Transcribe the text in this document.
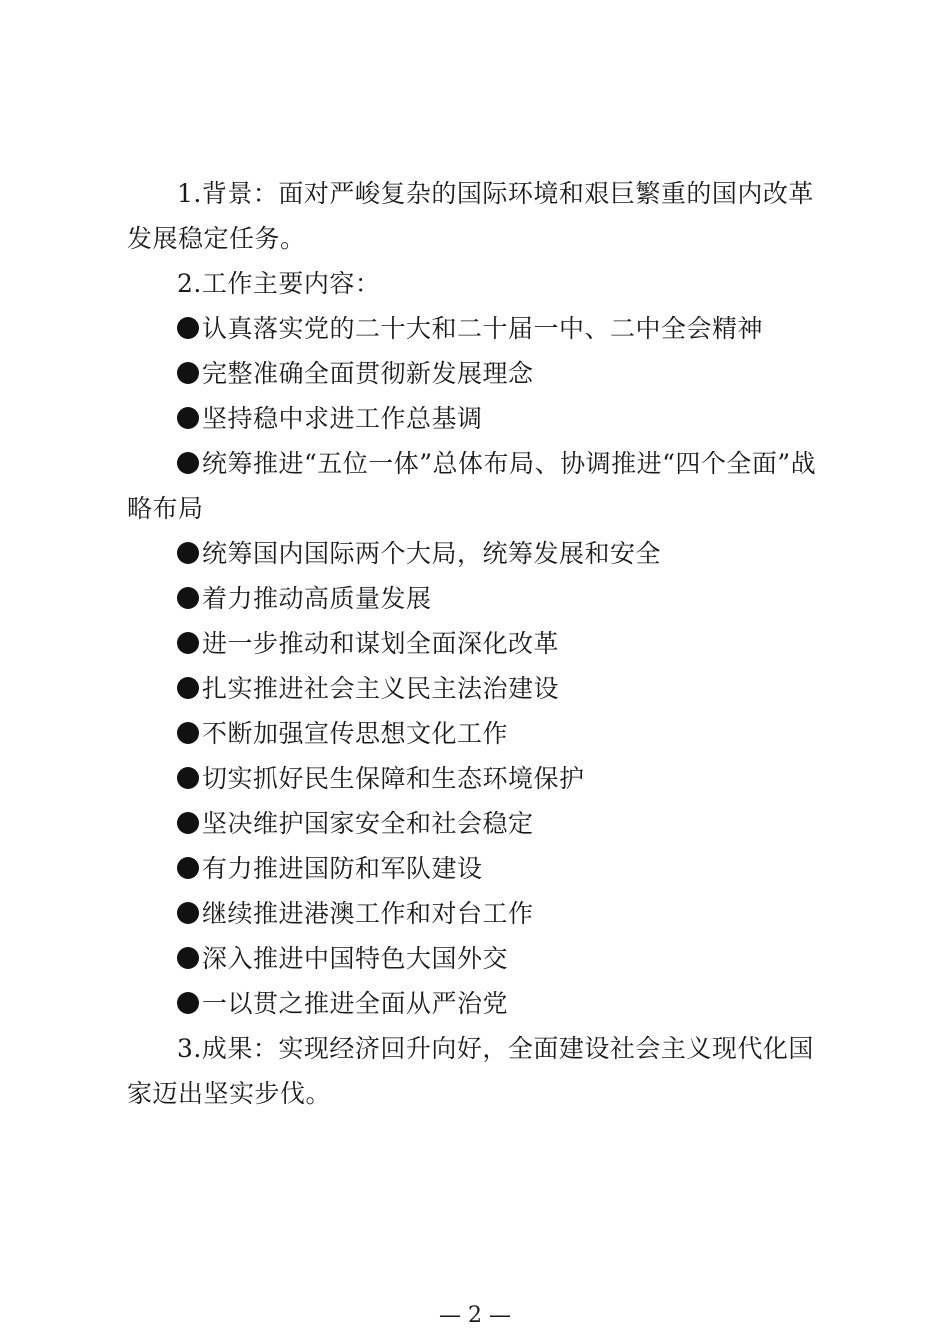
1.背景：面对严峻复杂的国际环境和艰巨繁重的国内改革发展稳定任务。

2.工作主要内容：

认真落实党的二十大和二十届一中、二中全会精神
完整准确全面贯彻新发展理念
坚持稳中求进工作总基调
统筹推进“五位一体”总体布局、协调推进“四个全面”战略布局
统筹国内国际两个大局，统筹发展和安全
着力推动高质量发展
进一步推动和谋划全面深化改革
扎实推进社会主义民主法治建设
不断加强宣传思想文化工作
切实抓好民生保障和生态环境保护
坚决维护国家安全和社会稳定
有力推进国防和军队建设
继续推进港澳工作和对台工作
深入推进中国特色大国外交
一以贯之推进全面从严治党

3.成果：实现经济回升向好，全面建设社会主义现代化国家迈出坚实步伐。

— 2 —
